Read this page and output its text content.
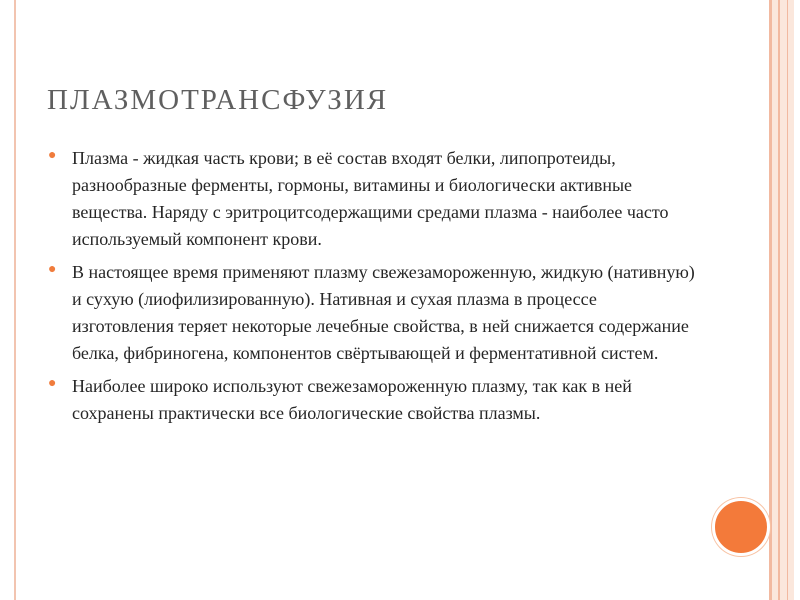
ПЛАЗМОТРАНСФУЗИЯ
● Плазма - жидкая часть крови; в её состав входят белки, липопротеиды, разнообразные ферменты, гормоны, витамины и биологически активные вещества. Наряду с эритроцитсодержащими средами плазма - наиболее часто используемый компонент крови.
● В настоящее время применяют плазму свежезамороженную, жидкую (нативную) и сухую (лиофилизированную). Нативная и сухая плазма в процессе изготовления теряет некоторые лечебные свойства, в ней снижается содержание белка, фибриногена, компонентов свёртывающей и ферментативной систем.
● Наиболее широко используют свежезамороженную плазму, так как в ней сохранены практически все биологические свойства плазмы.
